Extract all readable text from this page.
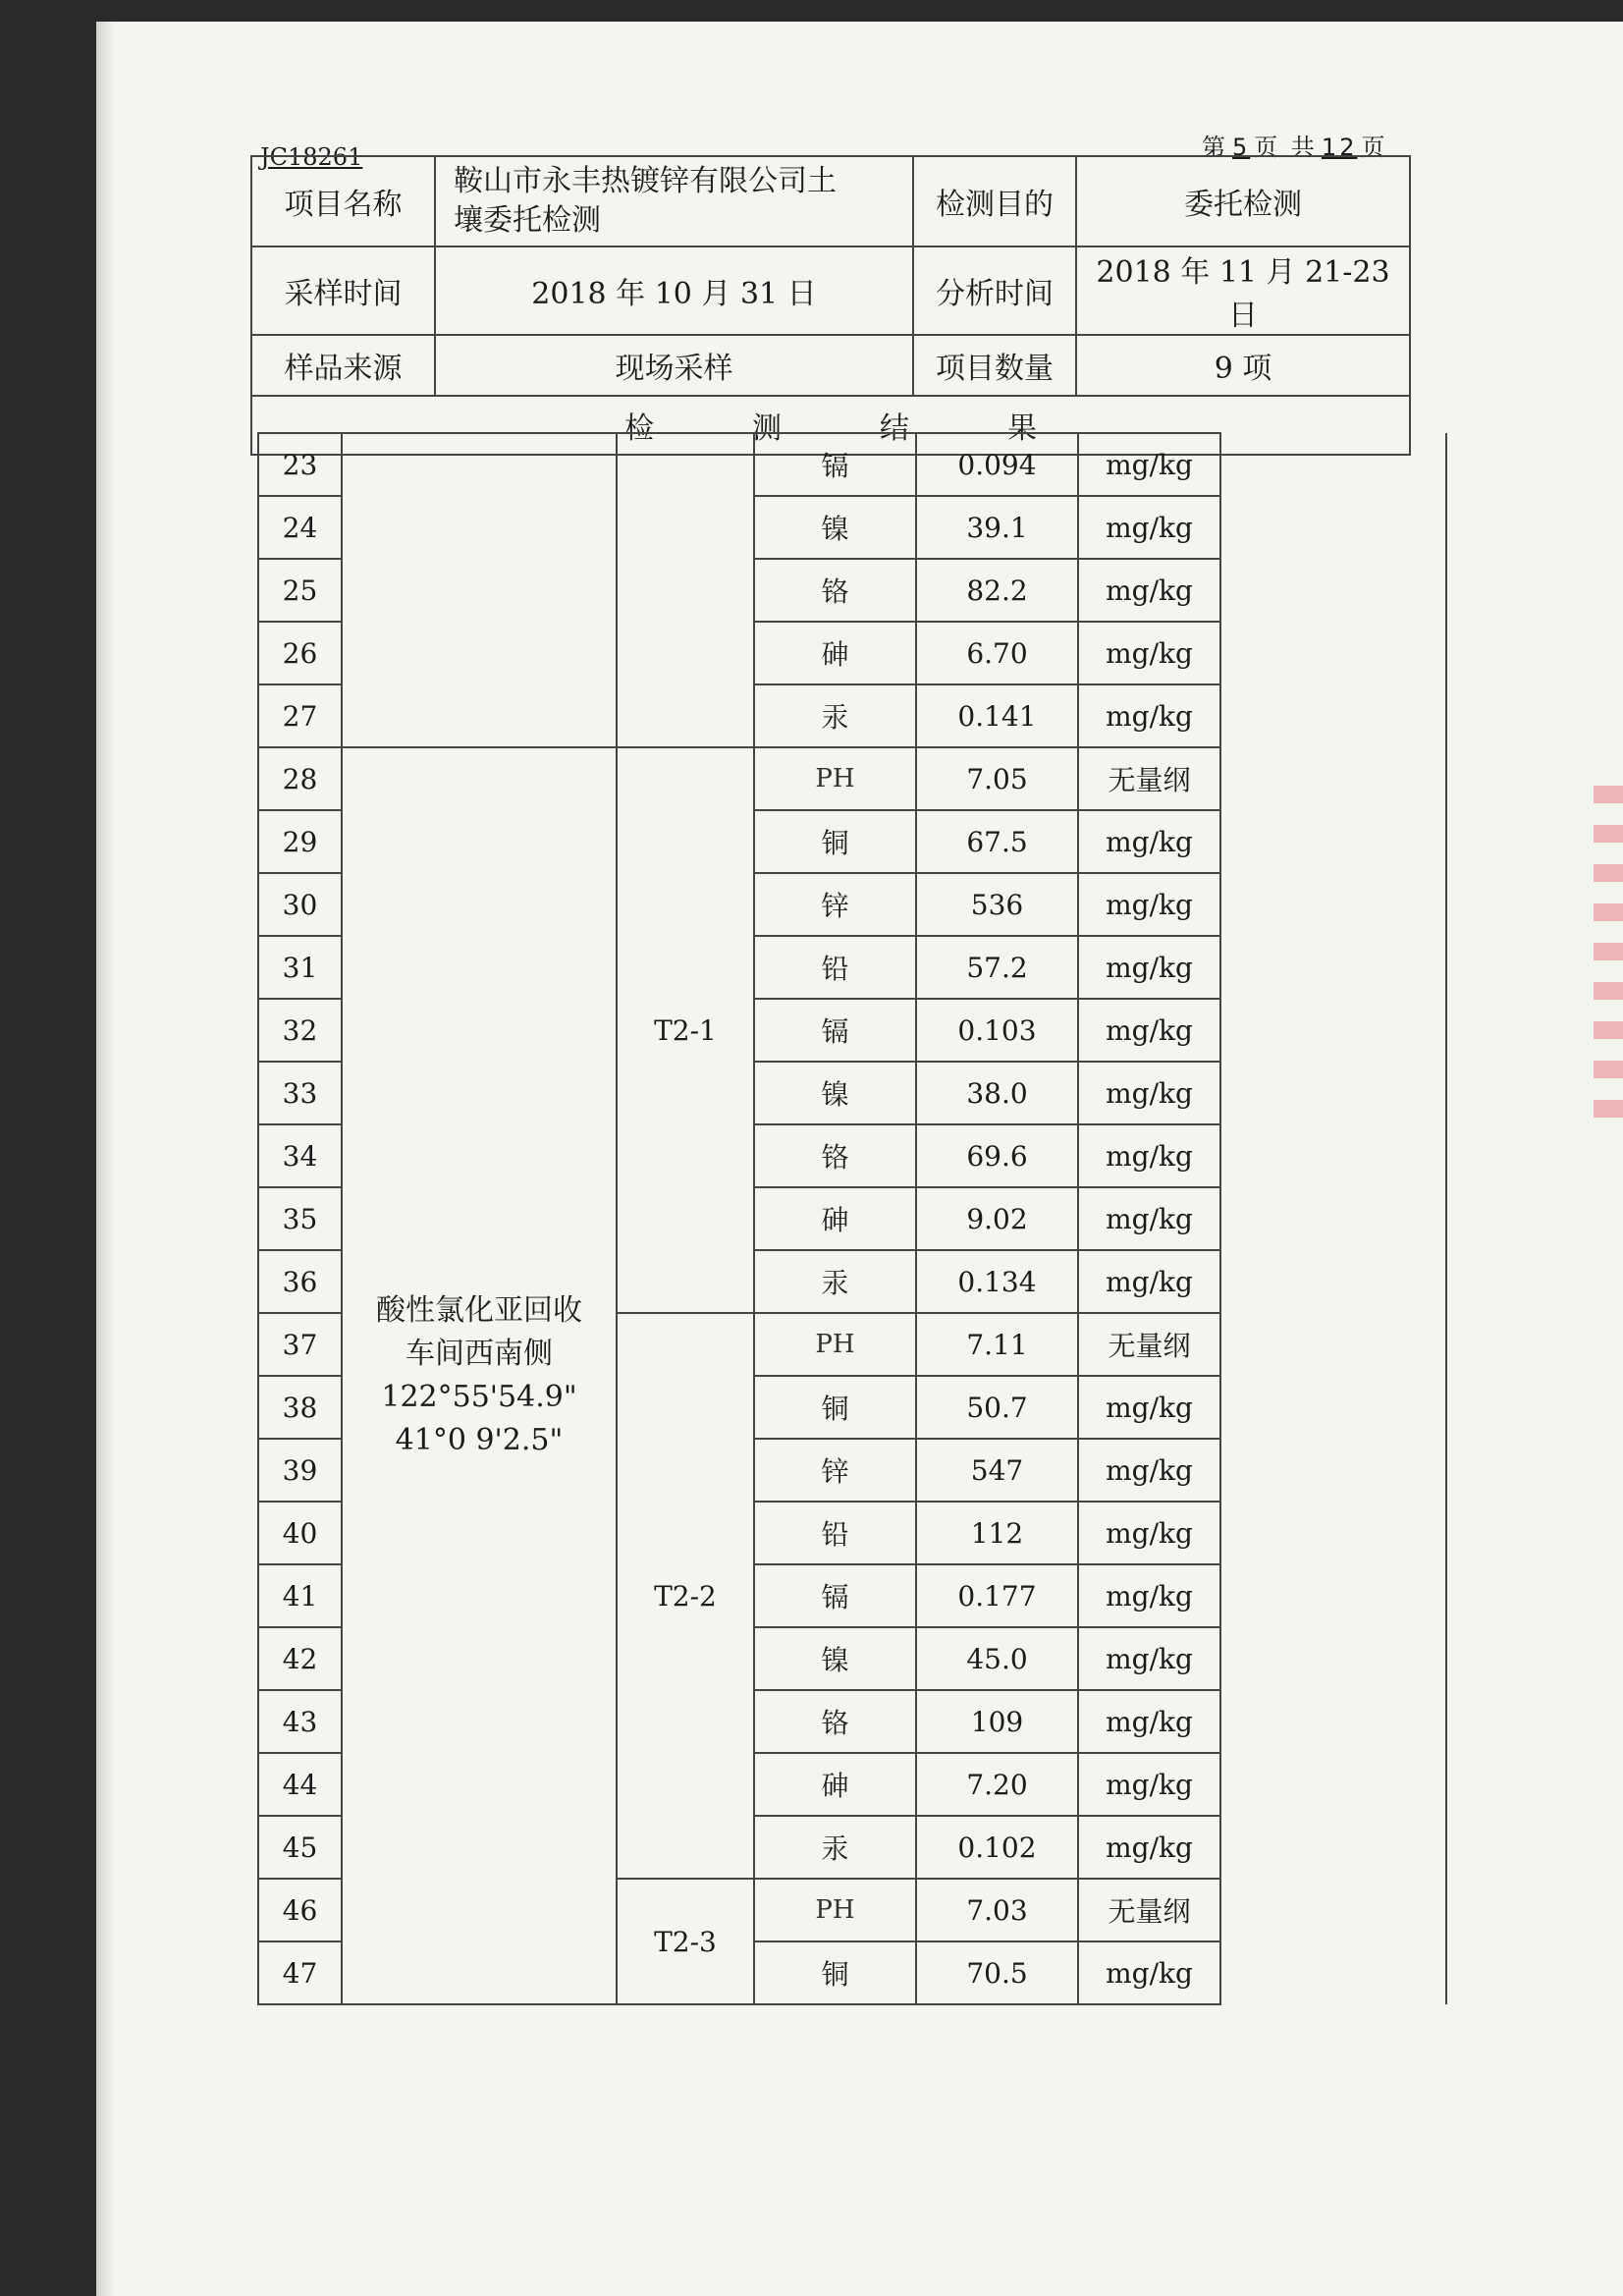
JC18261	第 5 页 共 12 页
项目名称	鞍山市永丰热镀锌有限公司土
壤委托检测	检测目的	委托检测
采样时间	2018 年 10 月 31 日	分析时间	2018 年 11 月 21-23 日
样品来源	现场采样	项目数量	9 项
检测结果			
23			镉	0.094	mg/kg	
24			镍	39.1	mg/kg	
25			铬	82.2	mg/kg	
26			砷	6.70	mg/kg	
27			汞	0.141	mg/kg	
28	酸性氯化亚回收
车间西南侧
122°55'54.9"
41°0 9'2.5"	T2-1	PH	7.05	无量纲	
29			铜	67.5	mg/kg	
30			锌	536	mg/kg	
31			铅	57.2	mg/kg	
32			镉	0.103	mg/kg	
33			镍	38.0	mg/kg	
34			铬	69.6	mg/kg	
35			砷	9.02	mg/kg	
36			汞	0.134	mg/kg	
37		T2-2	PH	7.11	无量纲	
38			铜	50.7	mg/kg	
39			锌	547	mg/kg	
40			铅	112	mg/kg	
41			镉	0.177	mg/kg	
42			镍	45.0	mg/kg	
43			铬	109	mg/kg	
44			砷	7.20	mg/kg	
45			汞	0.102	mg/kg	
46		T2-3	PH	7.03	无量纲	
47			铜	70.5	mg/kg	
